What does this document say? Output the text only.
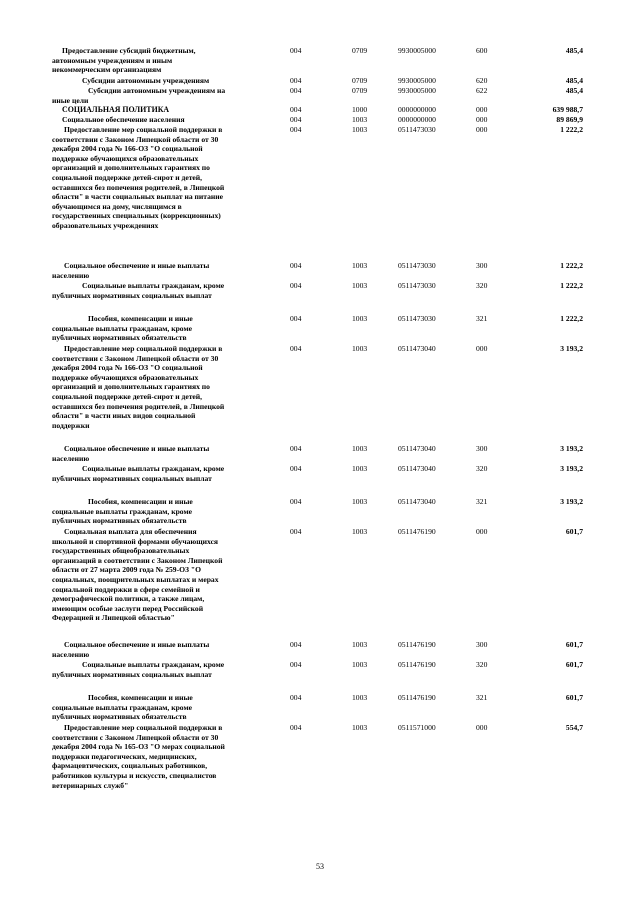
Предоставление субсидий бюджетным,
автономным учреждениям и иным
некоммерческим организациям
004	0709	9930005000	600	485,4
Субсидии автономным учреждениям	004	0709	9930005000	620	485,4
Субсидии автономным учреждениям на
иные цели
004	0709	9930005000	622	485,4
СОЦИАЛЬНАЯ ПОЛИТИКА	004	1000	0000000000	000	639 988,7
Социальное обеспечение населения	004	1003	0000000000	000	89 869,9
Предоставление мер социальной поддержки в
соответствии с Законом Липецкой области от 30
декабря 2004 года № 166-ОЗ "О социальной
поддержке обучающихся образовательных
организаций и дополнительных гарантиях по
социальной поддержке детей-сирот и детей,
оставшихся без попечения родителей, в Липецкой
области" в части социальных выплат на питание
обучающимся на дому, числящимся в
государственных специальных (коррекционных)
образовательных учреждениях
004	1003	0511473030	000	1 222,2
Социальное обеспечение и иные выплаты
населению
004	1003	0511473030	300	1 222,2
Социальные выплаты гражданам, кроме
публичных нормативных социальных выплат
004	1003	0511473030	320	1 222,2
Пособия, компенсации и иные
социальные выплаты гражданам, кроме
публичных нормативных обязательств
004	1003	0511473030	321	1 222,2
Предоставление мер социальной поддержки в
соответствии с Законом Липецкой области от 30
декабря 2004 года № 166-ОЗ "О социальной
поддержке обучающихся образовательных
организаций и дополнительных гарантиях по
социальной поддержке детей-сирот и детей,
оставшихся без попечения родителей, в Липецкой
области" в части иных видов социальной
поддержки
004	1003	0511473040	000	3 193,2
Социальное обеспечение и иные выплаты
населению
004	1003	0511473040	300	3 193,2
Социальные выплаты гражданам, кроме
публичных нормативных социальных выплат
004	1003	0511473040	320	3 193,2
Пособия, компенсации и иные
социальные выплаты гражданам, кроме
публичных нормативных обязательств
004	1003	0511473040	321	3 193,2
Социальная выплата для обеспечения
школьной и спортивной формами обучающихся
государственных общеобразовательных
организаций в соответствии с Законом Липецкой
области от 27 марта 2009 года № 259-ОЗ "О
социальных, поощрительных выплатах и мерах
социальной поддержки в сфере семейной и
демографической политики, а также лицам,
имеющим особые заслуги перед Российской
Федерацией и Липецкой областью"
004	1003	0511476190	000	601,7
Социальное обеспечение и иные выплаты
населению
004	1003	0511476190	300	601,7
Социальные выплаты гражданам, кроме
публичных нормативных социальных выплат
004	1003	0511476190	320	601,7
Пособия, компенсации и иные
социальные выплаты гражданам, кроме
публичных нормативных обязательств
004	1003	0511476190	321	601,7
Предоставление мер социальной поддержки в
соответствии с Законом Липецкой области от 30
декабря 2004 года № 165-ОЗ "О мерах социальной
поддержки педагогических, медицинских,
фармацевтических, социальных работников,
работников культуры и искусств, специалистов
ветеринарных служб"
004	1003	0511571000	000	554,7
53
